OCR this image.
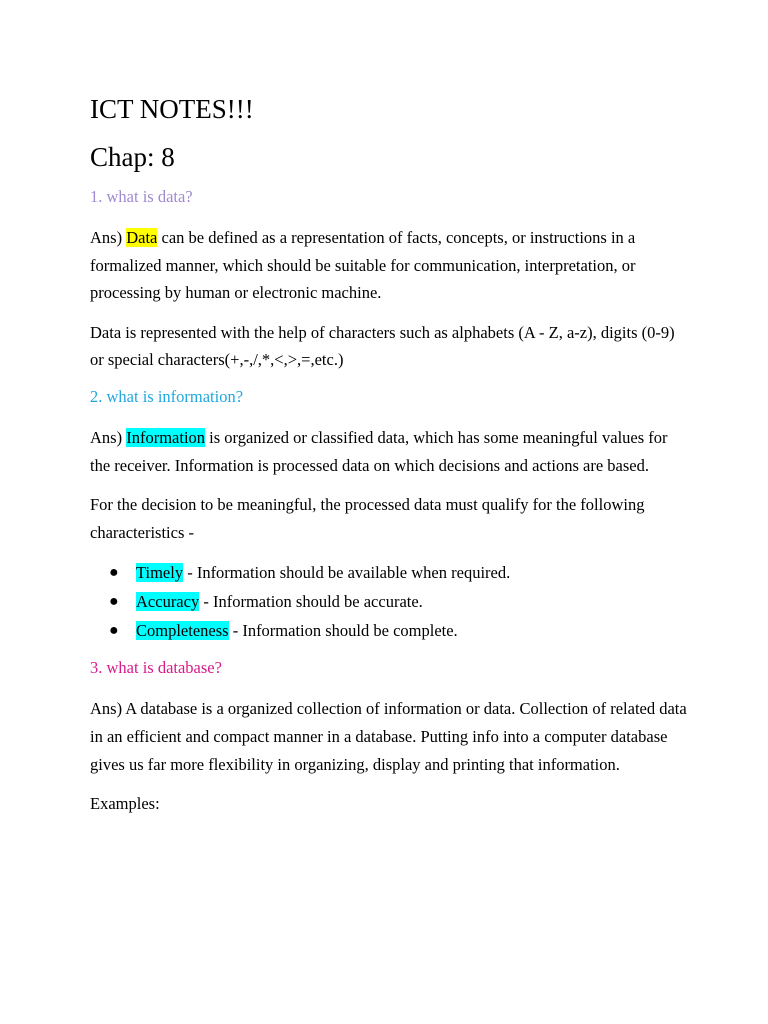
ICT NOTES!!!
Chap: 8
1. what is data?

Ans) Data can be defined as a representation of facts, concepts, or instructions in a formalized manner, which should be suitable for communication, interpretation, or processing by human or electronic machine.

Data is represented with the help of characters such as alphabets (A - Z, a-z), digits (0-9) or special characters(+,-,/,*,<,>,=,etc.)

2. what is information?

Ans) Information is organized or classified data, which has some meaningful values for the receiver. Information is processed data on which decisions and actions are based.

For the decision to be meaningful, the processed data must qualify for the following characteristics -

● Timely - Information should be available when required.
● Accuracy - Information should be accurate.
● Completeness - Information should be complete.
3. what is database?

Ans) A database is a organized collection of information or data. Collection of related data in an efficient and compact manner in a database. Putting info into a computer database gives us far more flexibility in organizing, display and printing that information.

Examples:
